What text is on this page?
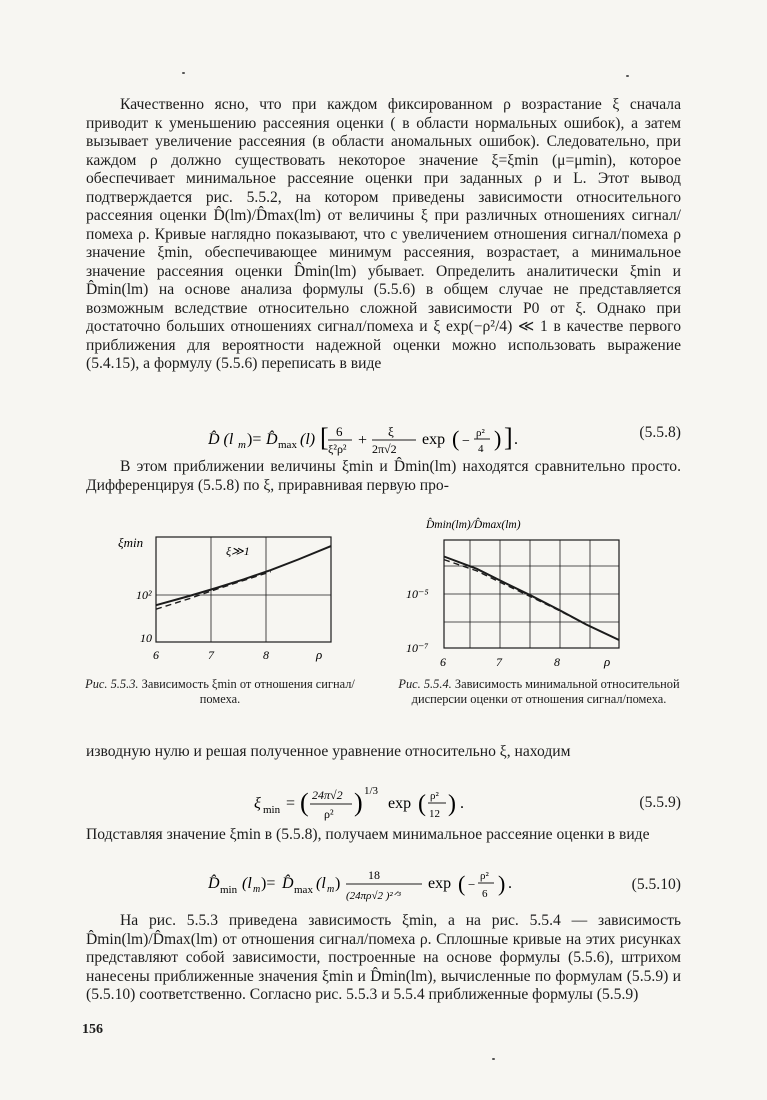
Качественно ясно, что при каждом фиксированном ρ возрастание ξ сначала приводит к уменьшению рассеяния оценки ( в области нормальных ошибок), а затем вызывает увеличение рассеяния (в области аномальных ошибок). Следовательно, при каждом ρ должно существовать некоторое значение ξ=ξmin (μ=μmin), которое обеспечивает минимальное рассеяние оценки при заданных ρ и L. Этот вывод подтверждается рис. 5.5.2, на котором приведены зависимости относительного рассеяния оценки D̂(lm)/D̂max(lm) от величины ξ при различных отношениях сигнал/помеха ρ. Кривые наглядно показывают, что с увеличением отношения сигнал/помеха ρ значение ξmin, обеспечивающее минимум рассеяния, возрастает, а минимальное значение рассеяния оценки D̂min(lm) убывает. Определить аналитически ξmin и D̂min(lm) на основе анализа формулы (5.5.6) в общем случае не представляется возможным вследствие относительно сложной зависимости P0 от ξ. Однако при достаточно больших отношениях сигнал/помеха и ξ exp(−ρ²/4) ≪ 1 в качестве первого приближения для вероятности надежной оценки можно использовать выражение (5.4.15), а формулу (5.5.6) переписать в виде

D̂ (l m )= D̂ max (l) [ 6
ξ²ρ² +
ξ
2π√2
exp ( −
ρ²
4 ) ] .	(5.5.8)

В этом приближении величины ξmin и D̂min(lm) находятся сравнительно просто. Дифференцируя (5.5.8) по ξ, приравнивая первую про-

ξmin
ξ≫1
10²
10
6	7	8	ρ
Рис. 5.5.3. Зависимость ξmin от отношения сигнал/помеха.
D̂min(lm)/D̂max(lm)
10⁻⁵
10⁻⁷
6	7	8	ρ
Рис. 5.5.4. Зависимость минимальной относительной дисперсии оценки от отношения сигнал/помеха.

изводную нулю и решая полученное уравнение относительно ξ, находим

ξ min = ( 24π√2
ρ² ) 1/3
exp ( ρ²
12 ) .	(5.5.9)

Подставляя значение ξmin в (5.5.8), получаем минимальное рассеяние оценки в виде

D̂ min (l m )= D̂ max (l m ) 18
(24πρ√2 )²ᐟ³
exp ( −
ρ²
6 ) .	(5.5.10)

На рис. 5.5.3 приведена зависимость ξmin, а на рис. 5.5.4 — зависимость D̂min(lm)/D̂max(lm) от отношения сигнал/помеха ρ. Сплошные кривые на этих рисунках представляют собой зависимости, построенные на основе формулы (5.5.6), штрихом нанесены приближенные значения ξmin и D̂min(lm), вычисленные по формулам (5.5.9) и (5.5.10) соответственно. Согласно рис. 5.5.3 и 5.5.4 приближенные формулы (5.5.9)

156
